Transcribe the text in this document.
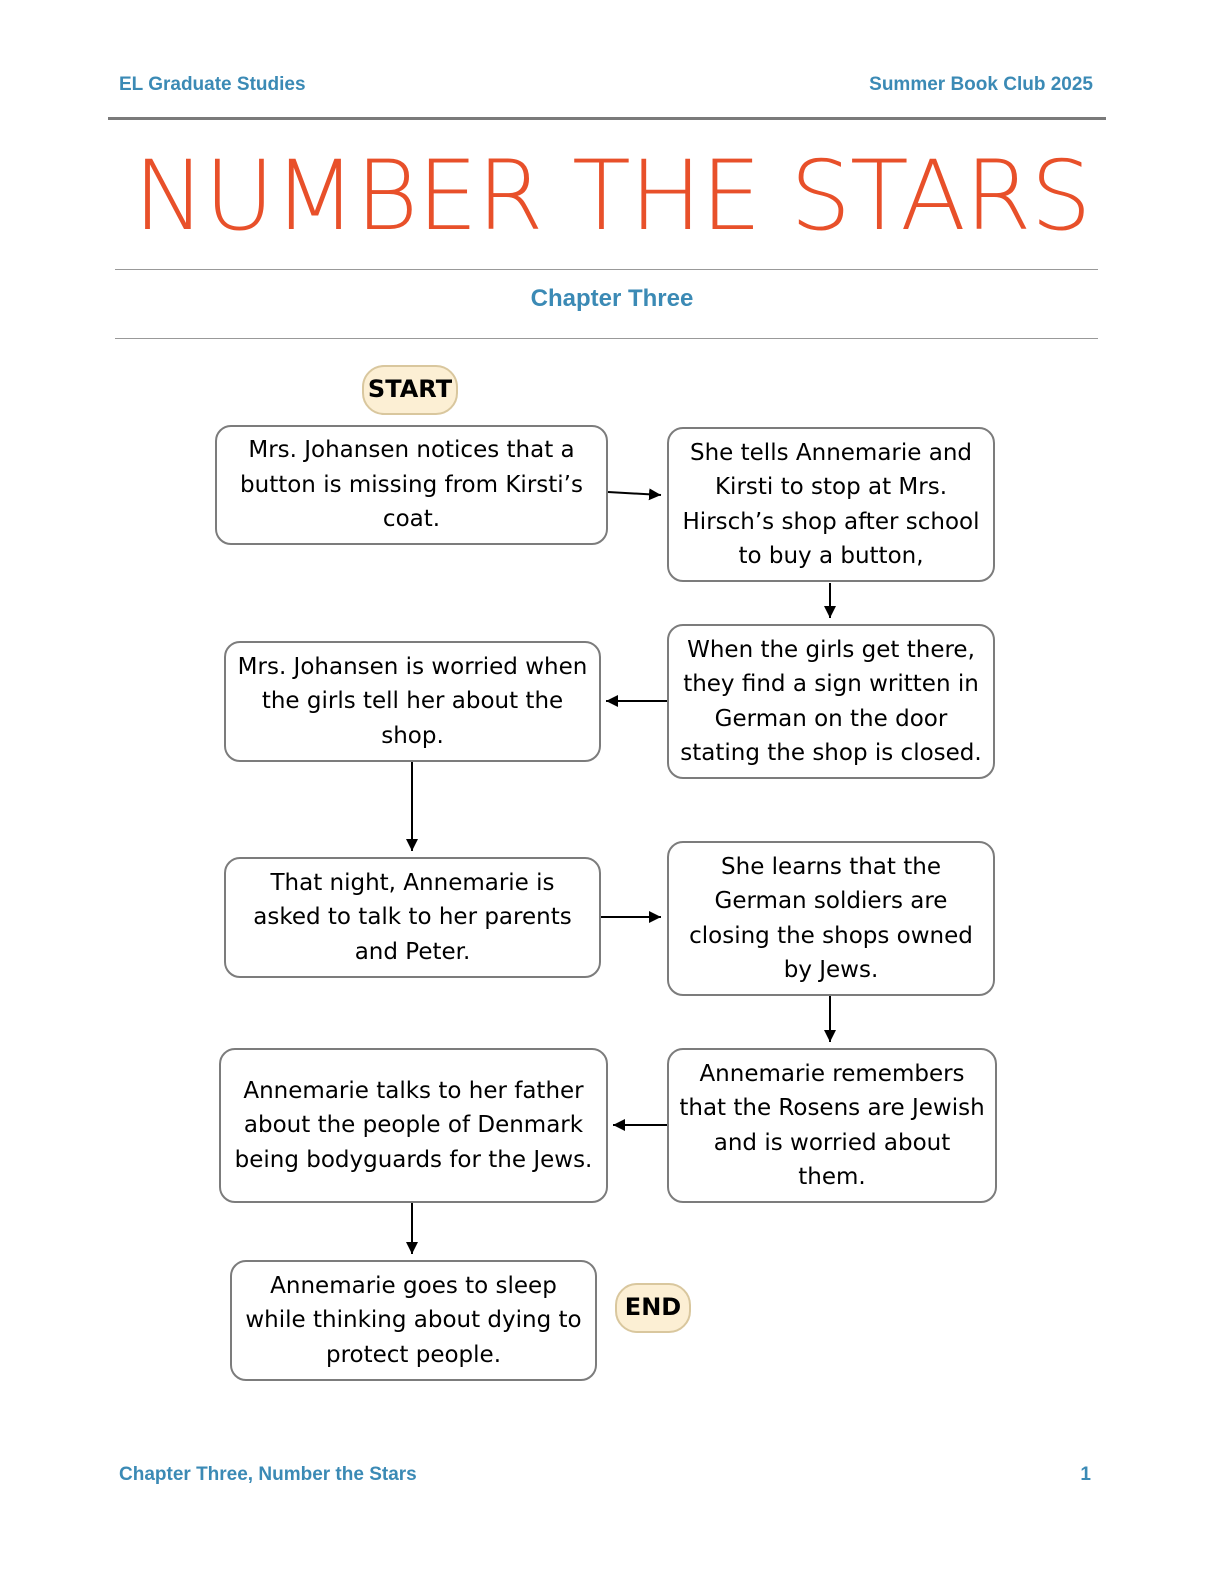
EL Graduate Studies	Summer Book Club 2025
NUMBER THE STARS
Chapter Three
START
Mrs. Johansen notices that a button is missing from Kirsti’s coat.
She tells Annemarie and Kirsti to stop at Mrs. Hirsch’s shop after school to buy a button,
When the girls get there, they find a sign written in German on the door stating the shop is closed.
Mrs. Johansen is worried when the girls tell her about the shop.
That night, Annemarie is asked to talk to her parents and Peter.
She learns that the German soldiers are closing the shops owned by Jews.
Annemarie remembers that the Rosens are Jewish and is worried about them.
Annemarie talks to her father about the people of Denmark being bodyguards for the Jews.
Annemarie goes to sleep while thinking about dying to protect people.
END
Chapter Three, Number the Stars	1
